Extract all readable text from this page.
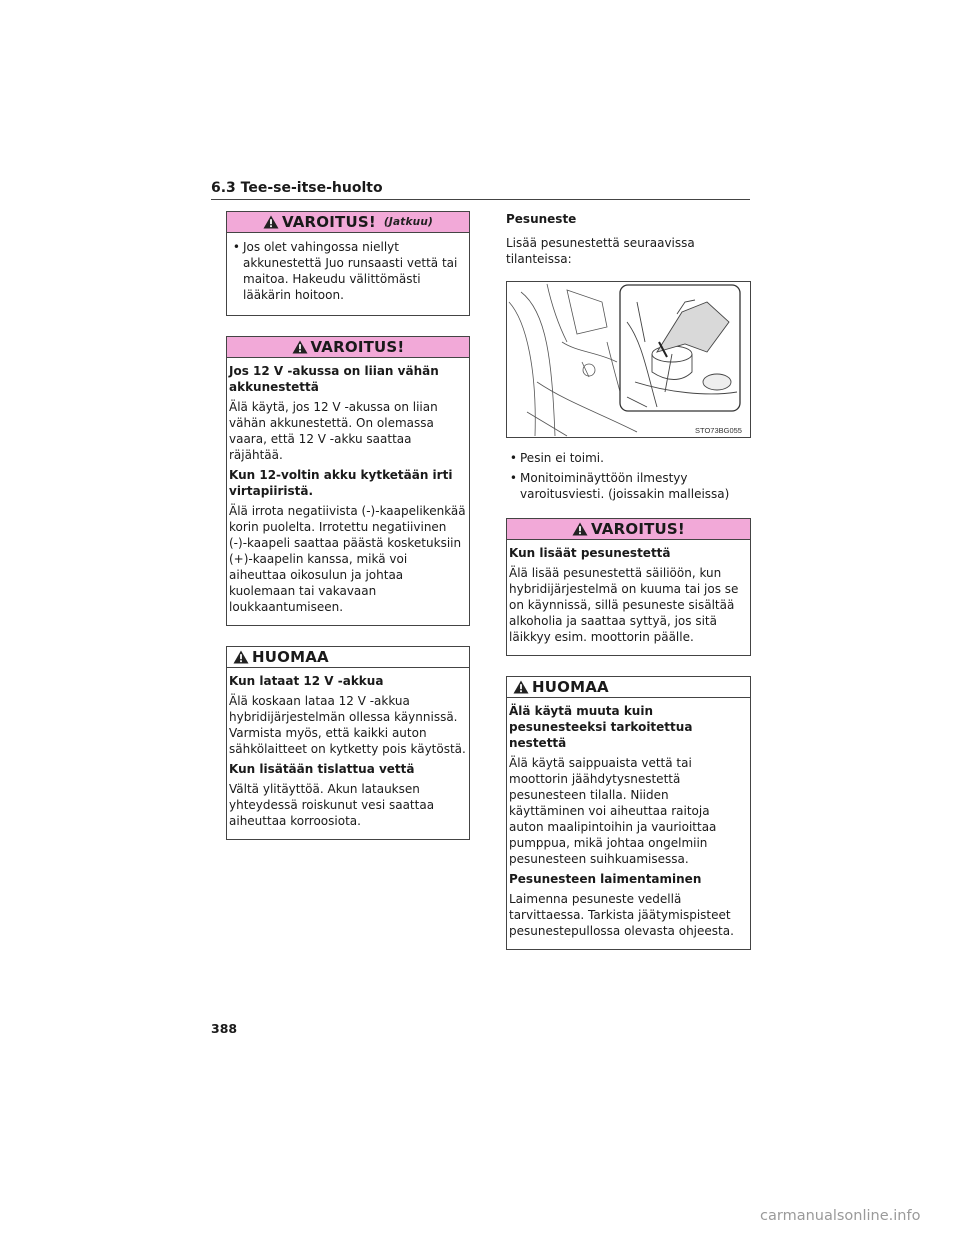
6.3 Tee-se-itse-huolto
VAROITUS! (Jatkuu)
• Jos olet vahingossa niellyt akkunestettä Juo runsaasti vettä tai maitoa. Hakeudu välittömästi lääkärin hoitoon.
VAROITUS!

Jos 12 V -akussa on liian vähän akkunestettä

Älä käytä, jos 12 V -akussa on liian vähän akkunestettä. On olemassa vaara, että 12 V -akku saattaa räjähtää.

Kun 12-voltin akku kytketään irti virtapiiristä.

Älä irrota negatiivista (-)-kaapelikenkää korin puolelta. Irrotettu negatiivinen (-)-kaapeli saattaa päästä kosketuksiin (+)-kaapelin kanssa, mikä voi aiheuttaa oikosulun ja johtaa kuolemaan tai vakavaan loukkaantumiseen.

HUOMAA

Kun lataat 12 V -akkua

Älä koskaan lataa 12 V -akkua hybridijärjestelmän ollessa käynnissä. Varmista myös, että kaikki auton sähkölaitteet on kytketty pois käytöstä.

Kun lisätään tislattua vettä

Vältä ylitäyttöä. Akun latauksen yhteydessä roiskunut vesi saattaa aiheuttaa korroosiota.

Pesuneste

Lisää pesunestettä seuraavissa tilanteissa:

STO73BG055
• Pesin ei toimi.
• Monitoiminäyttöön ilmestyy varoitusviesti. (joissakin malleissa)
VAROITUS!

Kun lisäät pesunestettä

Älä lisää pesunestettä säiliöön, kun hybridijärjestelmä on kuuma tai jos se on käynnissä, sillä pesuneste sisältää alkoholia ja saattaa syttyä, jos sitä läikkyy esim. moottorin päälle.

HUOMAA

Älä käytä muuta kuin pesunesteeksi tarkoitettua nestettä

Älä käytä saippuaista vettä tai moottorin jäähdytysnestettä pesunesteen tilalla. Niiden käyttäminen voi aiheuttaa raitoja auton maalipintoihin ja vaurioittaa pumppua, mikä johtaa ongelmiin pesunesteen suihkuamisessa.

Pesunesteen laimentaminen

Laimenna pesuneste vedellä tarvittaessa. Tarkista jäätymispisteet pesunestepullossa olevasta ohjeesta.

388
carmanualsonline.info
